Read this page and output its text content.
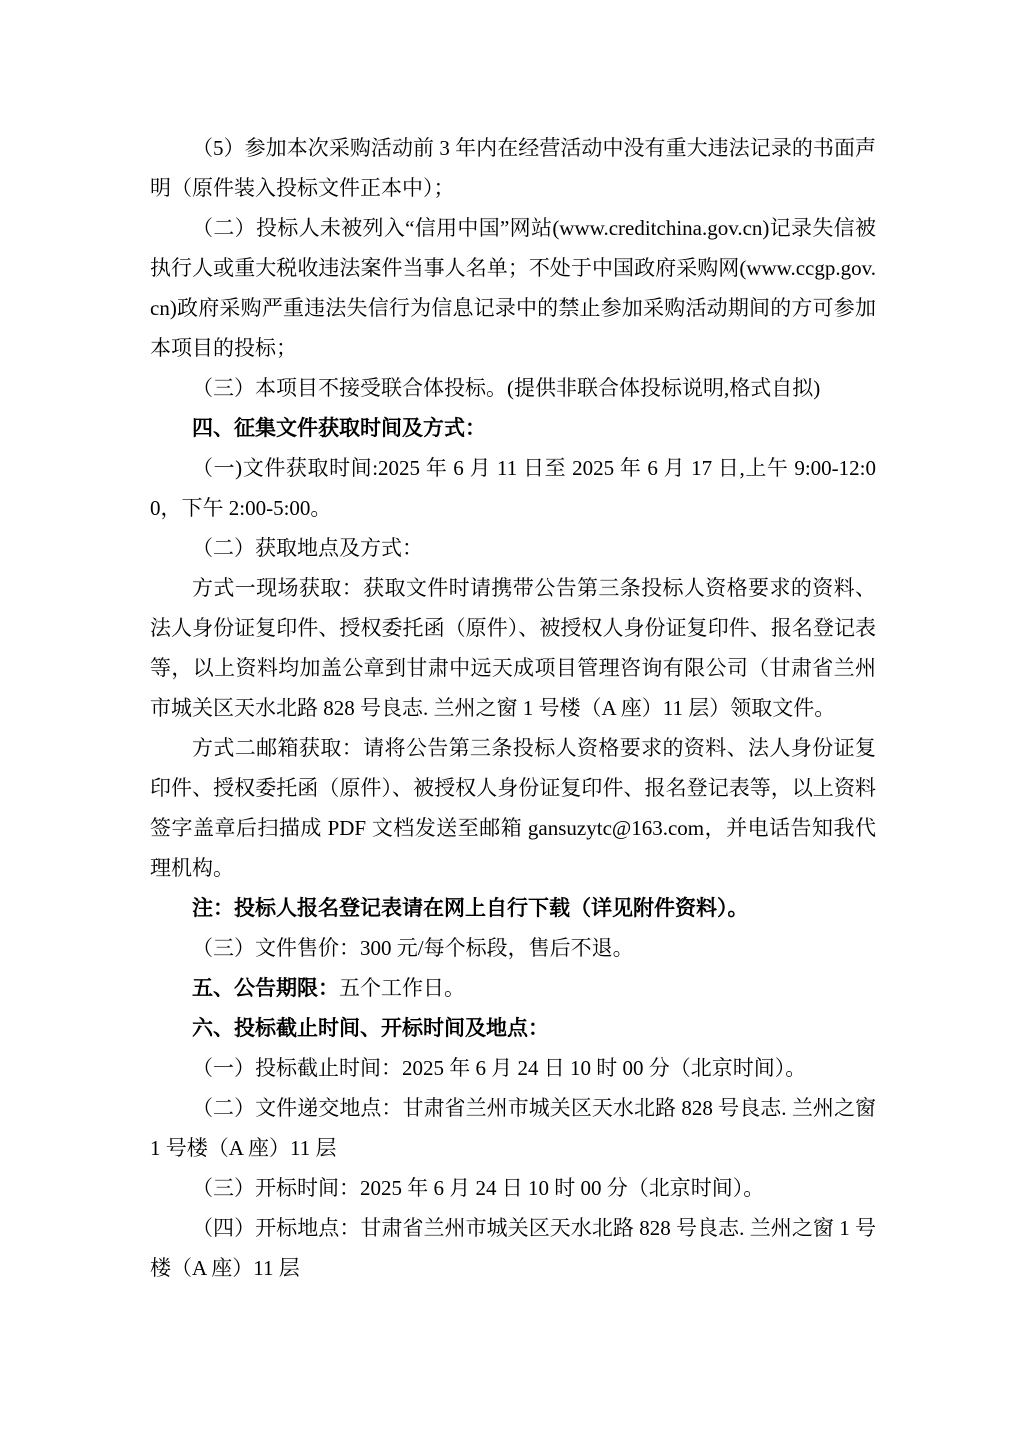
（5）参加本次采购活动前 3 年内在经营活动中没有重大违法记录的书面声明（原件装入投标文件正本中）；

（二）投标人未被列入“信用中国”网站(www.creditchina.gov.cn)记录失信被执行人或重大税收违法案件当事人名单；不处于中国政府采购网(www.ccgp.gov.cn)政府采购严重违法失信行为信息记录中的禁止参加采购活动期间的方可参加本项目的投标；

（三）本项目不接受联合体投标。(提供非联合体投标说明,格式自拟)

四、征集文件获取时间及方式：

（一)文件获取时间:2025 年 6 月 11 日至 2025 年 6 月 17 日,上午 9:00-12:00，下午 2:00-5:00。

（二）获取地点及方式：

方式一现场获取：获取文件时请携带公告第三条投标人资格要求的资料、法人身份证复印件、授权委托函（原件）、被授权人身份证复印件、报名登记表等，以上资料均加盖公章到甘肃中远天成项目管理咨询有限公司（甘肃省兰州市城关区天水北路 828 号良志. 兰州之窗 1 号楼（A 座）11 层）领取文件。

方式二邮箱获取：请将公告第三条投标人资格要求的资料、法人身份证复印件、授权委托函（原件）、被授权人身份证复印件、报名登记表等，以上资料签字盖章后扫描成 PDF 文档发送至邮箱 gansuzytc@163.com，并电话告知我代理机构。

注：投标人报名登记表请在网上自行下载（详见附件资料）。

（三）文件售价：300 元/每个标段，售后不退。

五、公告期限：五个工作日。

六、投标截止时间、开标时间及地点：

（一）投标截止时间：2025 年 6 月 24 日 10 时 00 分（北京时间）。

（二）文件递交地点：甘肃省兰州市城关区天水北路 828 号良志. 兰州之窗 1 号楼（A 座）11 层

（三）开标时间：2025 年 6 月 24 日 10 时 00 分（北京时间）。

（四）开标地点：甘肃省兰州市城关区天水北路 828 号良志. 兰州之窗 1 号楼（A 座）11 层
